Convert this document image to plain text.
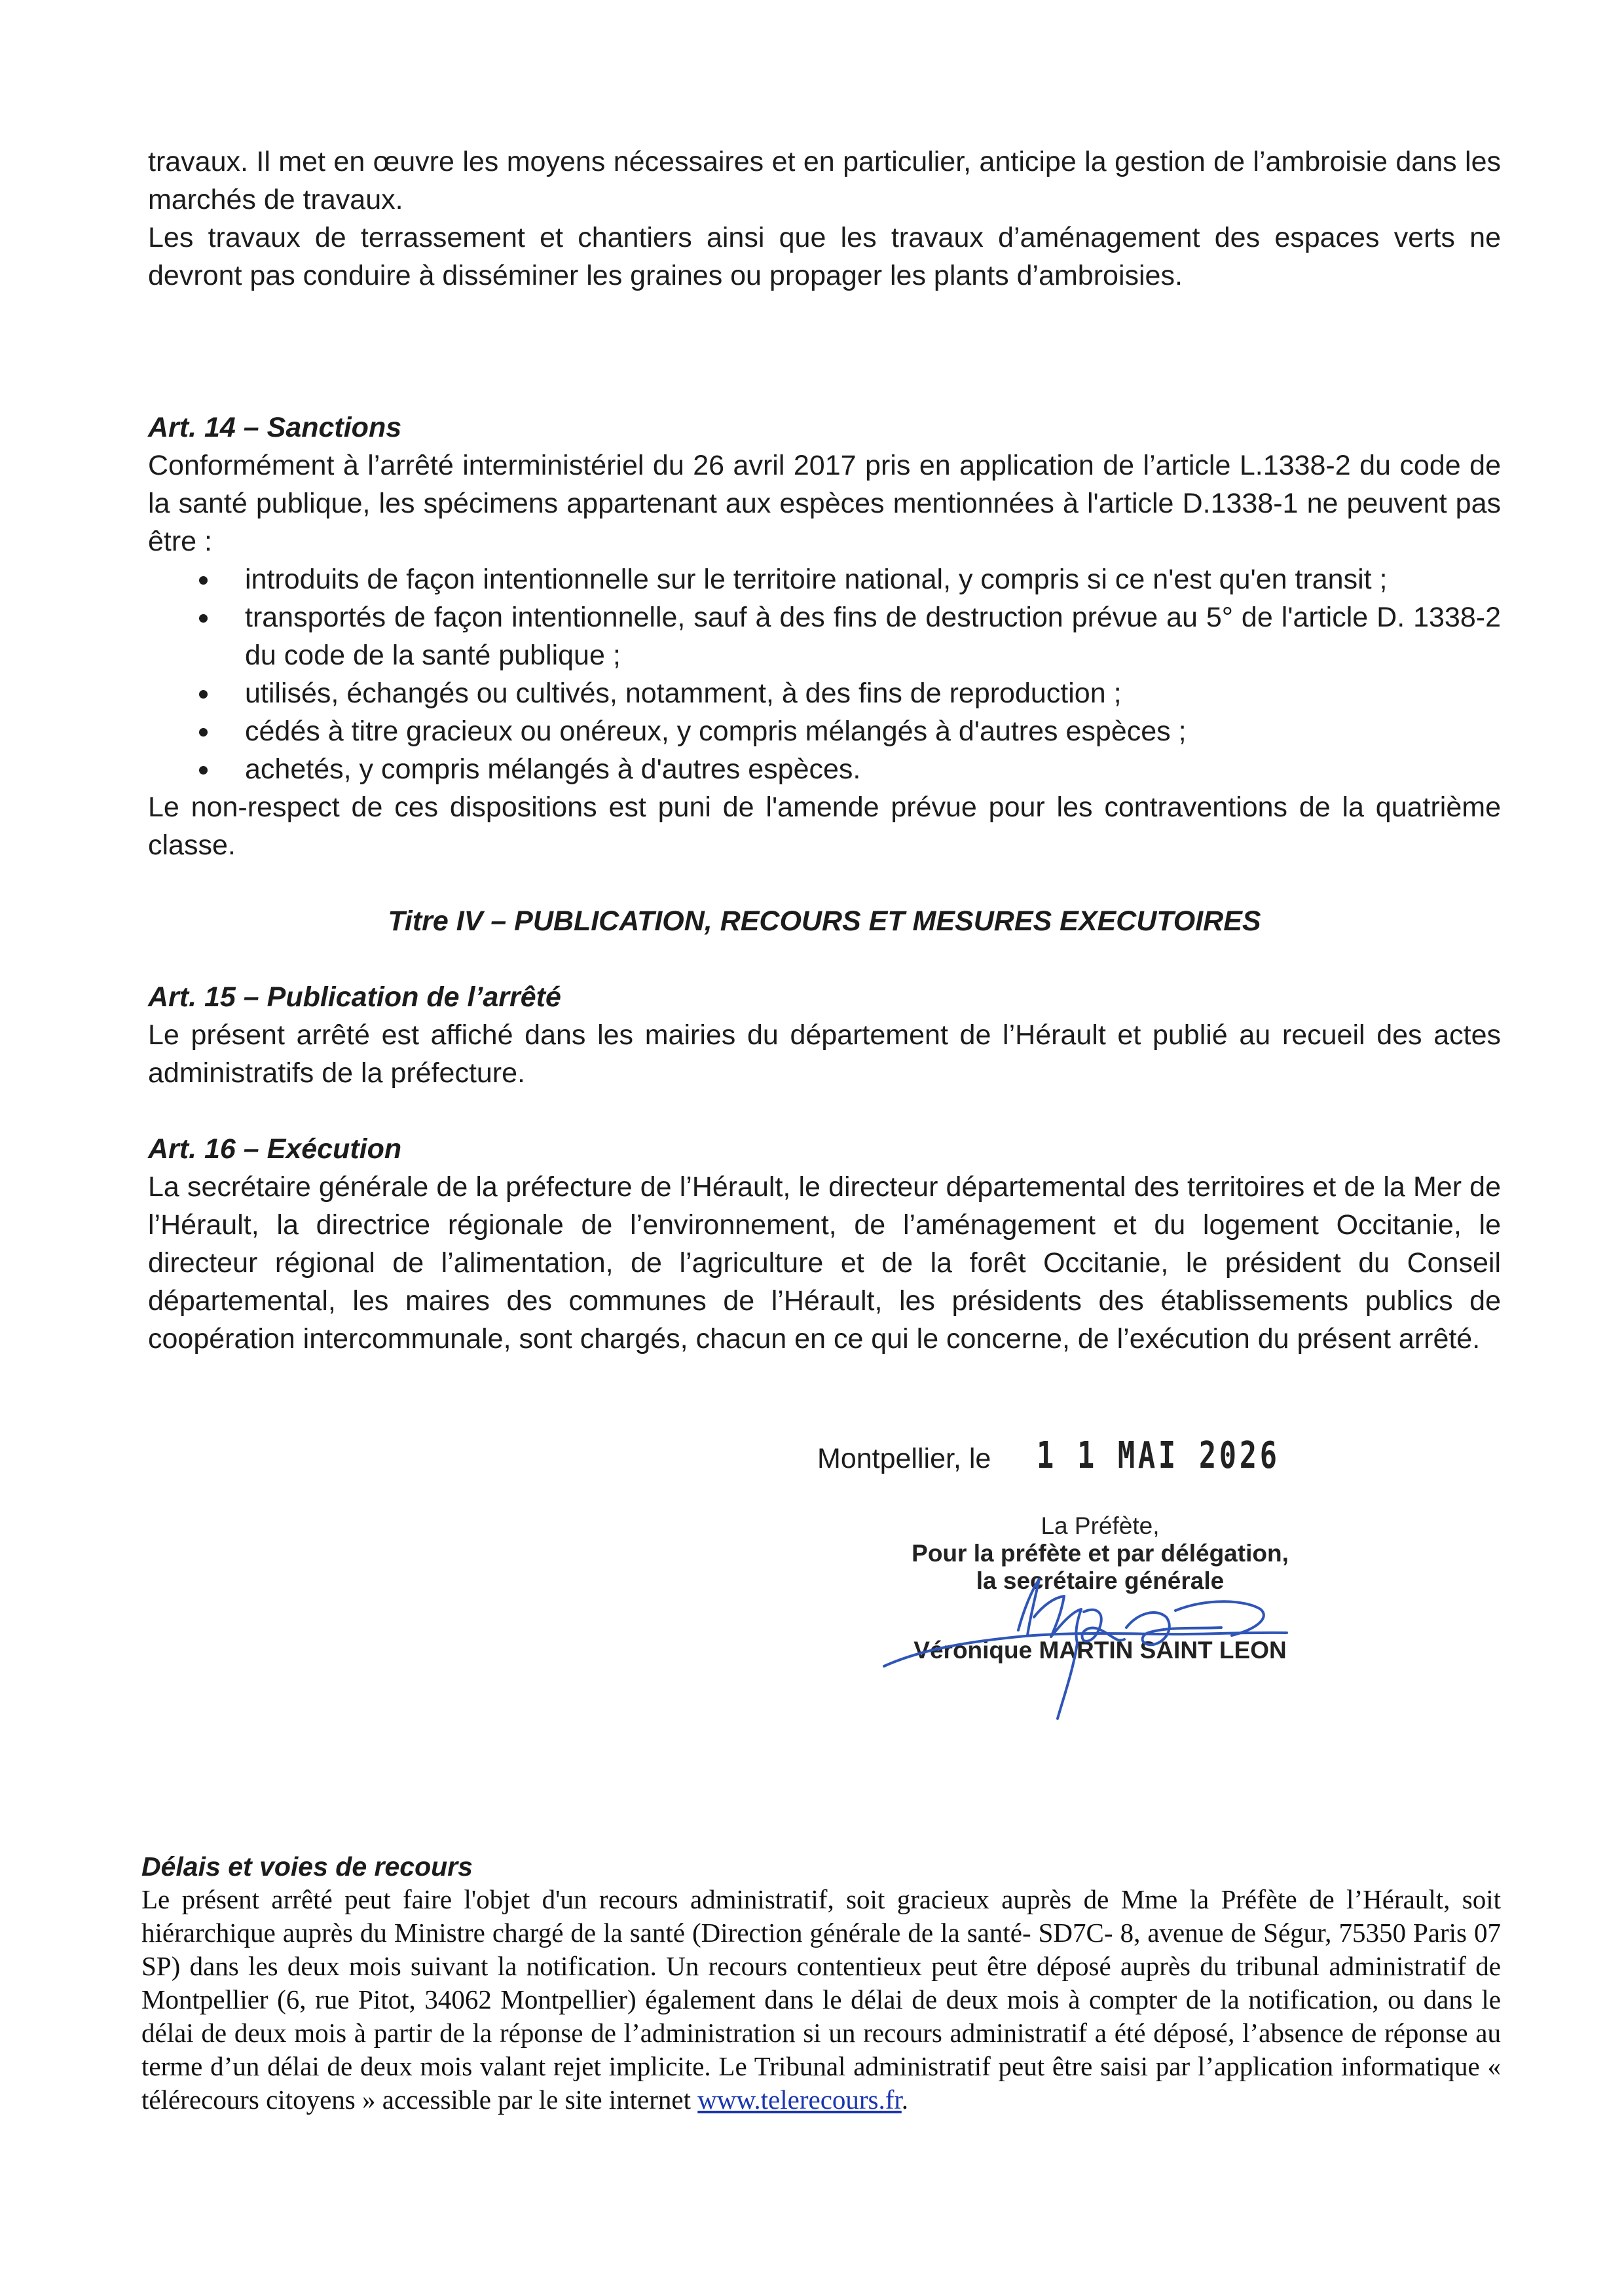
travaux. Il met en œuvre les moyens nécessaires et en particulier, anticipe la gestion de l’ambroisie dans les marchés de travaux.

Les travaux de terrassement et chantiers ainsi que les travaux d’aménagement des espaces verts ne devront pas conduire à disséminer les graines ou propager les plants d’ambroisies.

Art. 14 – Sanctions

Conformément à l’arrêté interministériel du 26 avril 2017 pris en application de l’article L.1338-2 du code de la santé publique, les spécimens appartenant aux espèces mentionnées à l'article D.1338-1 ne peuvent pas être :

introduits de façon intentionnelle sur le territoire national, y compris si ce n'est qu'en transit ;
transportés de façon intentionnelle, sauf à des fins de destruction prévue au 5° de l'article D. 1338-2 du code de la santé publique ;
utilisés, échangés ou cultivés, notamment, à des fins de reproduction ;
cédés à titre gracieux ou onéreux, y compris mélangés à d'autres espèces ;
achetés, y compris mélangés à d'autres espèces.

Le non-respect de ces dispositions est puni de l'amende prévue pour les contraventions de la quatrième classe.

Titre IV – PUBLICATION, RECOURS ET MESURES EXECUTOIRES

Art. 15 – Publication de l’arrêté

Le présent arrêté est affiché dans les mairies du département de l’Hérault et publié au recueil des actes administratifs de la préfecture.

Art. 16 – Exécution

La secrétaire générale de la préfecture de l’Hérault, le directeur départemental des territoires et de la Mer de l’Hérault, la directrice régionale de l’environnement, de l’aménagement et du logement Occitanie, le directeur régional de l’alimentation, de l’agriculture et de la forêt Occitanie, le président du Conseil départemental, les maires des communes de l’Hérault, les présidents des établissements publics de coopération intercommunale, sont chargés, chacun en ce qui le concerne, de l’exécution du présent arrêté.

Montpellier, le 1 1 MAI 2026
La Préfète,
Pour la préfète et par délégation,
la secrétaire générale
Véronique MARTIN SAINT LEON

Délais et voies de recours

Le présent arrêté peut faire l'objet d'un recours administratif, soit gracieux auprès de Mme la Préfète de l’Hérault, soit hiérarchique auprès du Ministre chargé de la santé (Direction générale de la santé- SD7C- 8, avenue de Ségur, 75350 Paris 07 SP) dans les deux mois suivant la notification. Un recours contentieux peut être déposé auprès du tribunal administratif de Montpellier (6, rue Pitot, 34062 Montpellier) également dans le délai de deux mois à compter de la notification, ou dans le délai de deux mois à partir de la réponse de l’administration si un recours administratif a été déposé, l’absence de réponse au terme d’un délai de deux mois valant rejet implicite. Le Tribunal administratif peut être saisi par l’application informatique « télérecours citoyens » accessible par le site internet www.telerecours.fr.
